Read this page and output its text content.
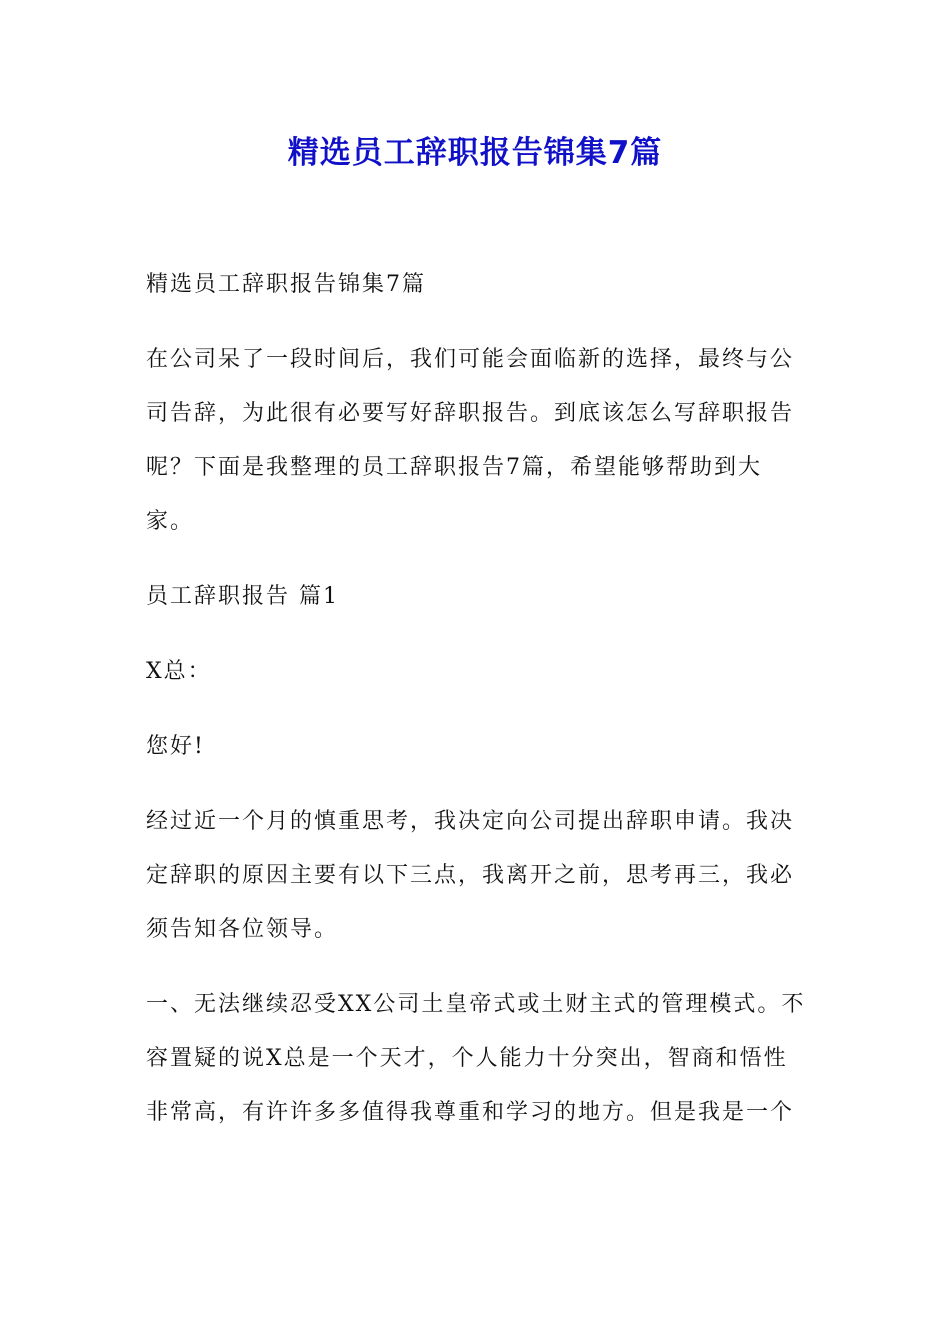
精选员工辞职报告锦集7篇

精选员工辞职报告锦集7篇

在公司呆了一段时间后，我们可能会面临新的选择，最终与公司告辞，为此很有必要写好辞职报告。到底该怎么写辞职报告呢？下面是我整理的员工辞职报告7篇，希望能够帮助到大家。

员工辞职报告 篇1

X总：

您好!

经过近一个月的慎重思考，我决定向公司提出辞职申请。我决定辞职的原因主要有以下三点，我离开之前，思考再三，我必须告知各位领导。

一、无法继续忍受XX公司土皇帝式或土财主式的管理模式。不容置疑的说X总是一个天才，个人能力十分突出，智商和悟性非常高，有许许多多值得我尊重和学习的地方。但是我是一个
